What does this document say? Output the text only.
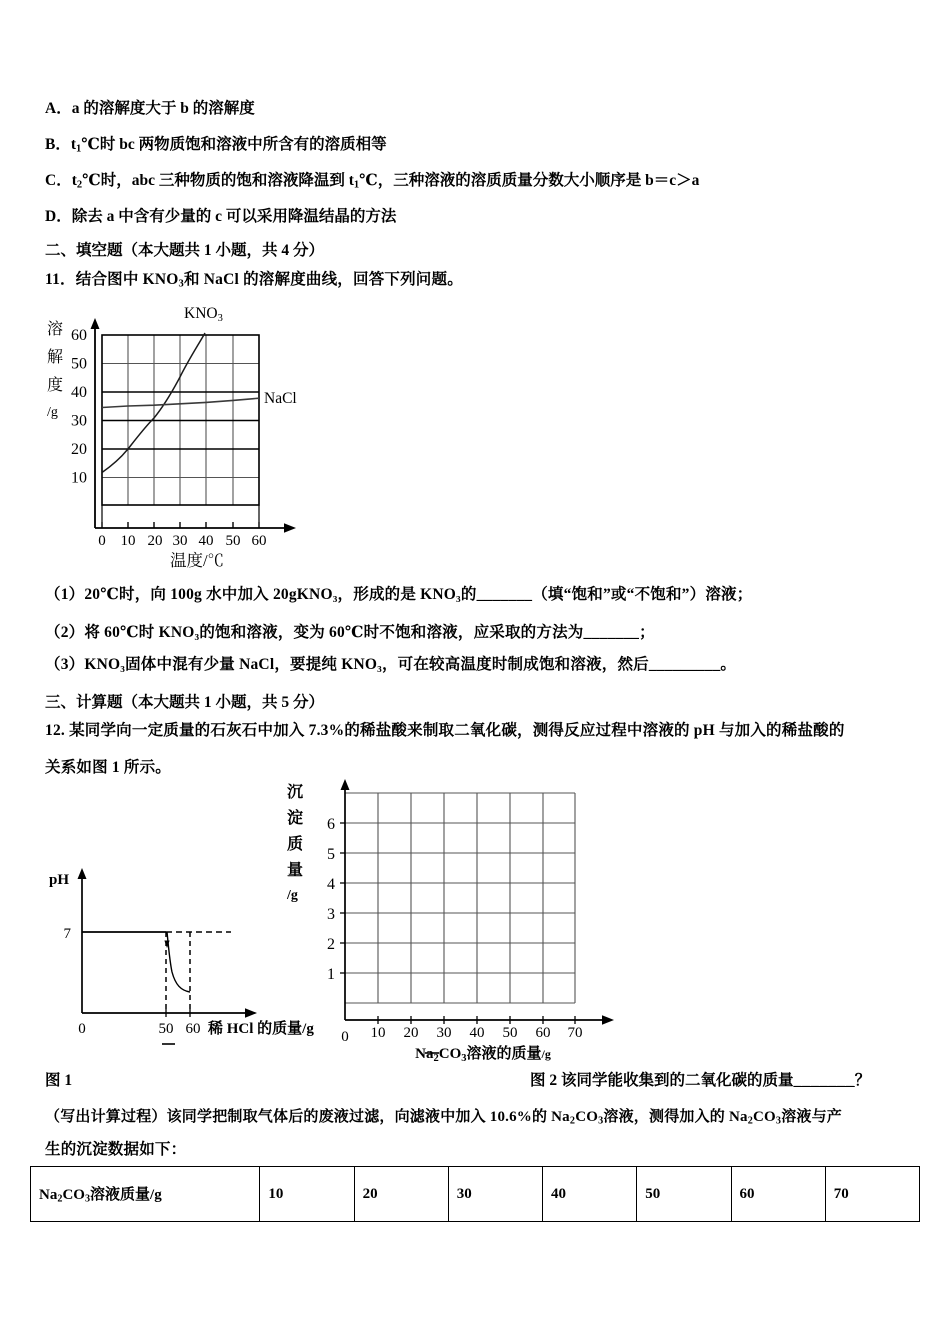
A．a 的溶解度大于 b 的溶解度
B．$t_1℃$时 bc 两物质饱和溶液中所含有的溶质相等
C．$t_2℃$时，abc 三种物质的饱和溶液降温到 $t_1℃$，三种溶液的溶质质量分数大小顺序是 b＝c＞a
D．除去 a 中含有少量的 c 可以采用降温结晶的方法
二、填空题（本大题共 1 小题，共 4 分）
11．结合图中 $KNO_3$和 NaCl 的溶解度曲线，回答下列问题。
溶
解
度
/g
60
50
40
30
20
10
0 10 20 30 40 50 60
KNO3
NaCl
温度/℃
（1）20℃时，向 100g 水中加入 20gKNO₃，形成的是 KNO₃的_______（填“饱和”或“不饱和”）溶液；
（2）将 60℃时 KNO₃的饱和溶液，变为 60℃时不饱和溶液，应采取的方法为_______；
（3）KNO₃固体中混有少量 NaCl，要提纯 KNO₃，可在较高温度时制成饱和溶液，然后_________。
三、计算题（本大题共 1 小题，共 5 分）
12. 某同学向一定质量的石灰石中加入 7.3%的稀盐酸来制取二氧化碳，测得反应过程中溶液的 pH 与加入的稀盐酸的
关系如图 1 所示。
pH
7
0	50 60 稀 HCl 的质量/g
沉
淀
质
量
/g
6
5
4
3
2
1
0 10 20 30 40 50 60 70
$Na_2CO_3$溶液的质量/g
图 1	图 2 该同学能收集到的二氧化碳的质量_______？
（写出计算过程）该同学把制取气体后的废液过滤，向滤液中加入 10.6%的 $Na_2CO_3$溶液，测得加入的 $Na_2CO_3$溶液与产
生的沉淀数据如下：
$Na_2CO_3$溶液质量/g	10	20	30	40	50	60	70
